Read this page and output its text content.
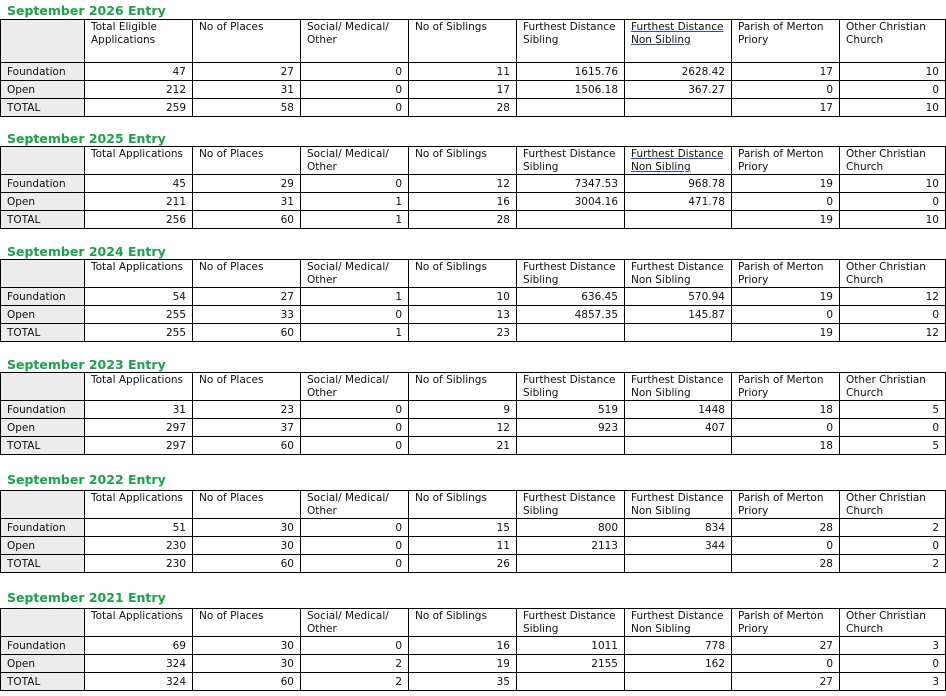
September 2026 Entry
	Total Eligible Applications	No of Places	Social/ Medical/ Other	No of Siblings	Furthest Distance Sibling	Furthest Distance Non Sibling	Parish of Merton Priory	Other Christian Church
Foundation	47	27	0	11	1615.76	2628.42	17	10
Open	212	31	0	17	1506.18	367.27	0	0
TOTAL	259	58	0	28			17	10
September 2025 Entry
	Total Applications	No of Places	Social/ Medical/ Other	No of Siblings	Furthest Distance Sibling	Furthest Distance Non Sibling	Parish of Merton Priory	Other Christian Church
Foundation	45	29	0	12	7347.53	968.78	19	10
Open	211	31	1	16	3004.16	471.78	0	0
TOTAL	256	60	1	28			19	10
September 2024 Entry
	Total Applications	No of Places	Social/ Medical/ Other	No of Siblings	Furthest Distance Sibling	Furthest Distance Non Sibling	Parish of Merton Priory	Other Christian Church
Foundation	54	27	1	10	636.45	570.94	19	12
Open	255	33	0	13	4857.35	145.87	0	0
TOTAL	255	60	1	23			19	12
September 2023 Entry
	Total Applications	No of Places	Social/ Medical/ Other	No of Siblings	Furthest Distance Sibling	Furthest Distance Non Sibling	Parish of Merton Priory	Other Christian Church
Foundation	31	23	0	9	519	1448	18	5
Open	297	37	0	12	923	407	0	0
TOTAL	297	60	0	21			18	5
September 2022 Entry
	Total Applications	No of Places	Social/ Medical/ Other	No of Siblings	Furthest Distance Sibling	Furthest Distance Non Sibling	Parish of Merton Priory	Other Christian Church
Foundation	51	30	0	15	800	834	28	2
Open	230	30	0	11	2113	344	0	0
TOTAL	230	60	0	26			28	2
September 2021 Entry
	Total Applications	No of Places	Social/ Medical/ Other	No of Siblings	Furthest Distance Sibling	Furthest Distance Non Sibling	Parish of Merton Priory	Other Christian Church
Foundation	69	30	0	16	1011	778	27	3
Open	324	30	2	19	2155	162	0	0
TOTAL	324	60	2	35			27	3
